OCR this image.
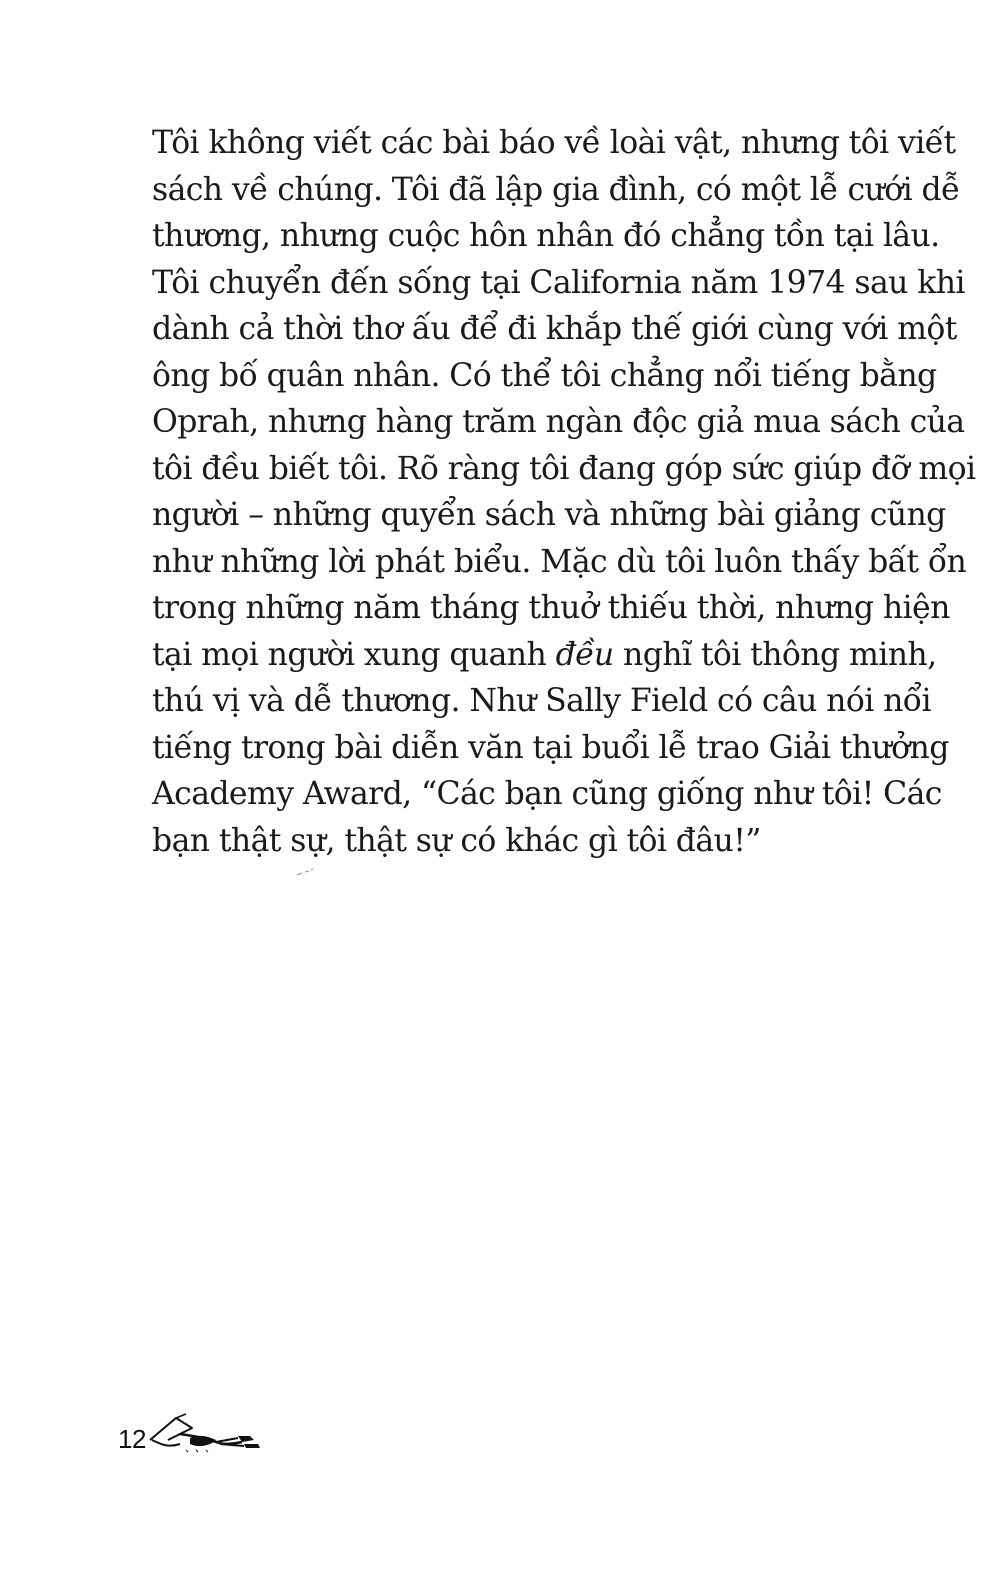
Tôi không viết các bài báo về loài vật, nhưng tôi viết
sách về chúng. Tôi đã lập gia đình, có một lễ cưới dễ
thương, nhưng cuộc hôn nhân đó chẳng tồn tại lâu.
Tôi chuyển đến sống tại California năm 1974 sau khi
dành cả thời thơ ấu để đi khắp thế giới cùng với một
ông bố quân nhân. Có thể tôi chẳng nổi tiếng bằng
Oprah, nhưng hàng trăm ngàn độc giả mua sách của
tôi đều biết tôi. Rõ ràng tôi đang góp sức giúp đỡ mọi
người – những quyển sách và những bài giảng cũng
như những lời phát biểu. Mặc dù tôi luôn thấy bất ổn
trong những năm tháng thuở thiếu thời, nhưng hiện
tại mọi người xung quanh đều nghĩ tôi thông minh,
thú vị và dễ thương. Như Sally Field có câu nói nổi
tiếng trong bài diễn văn tại buổi lễ trao Giải thưởng
Academy Award, “Các bạn cũng giống như tôi! Các
bạn thật sự, thật sự có khác gì tôi đâu!”
12
